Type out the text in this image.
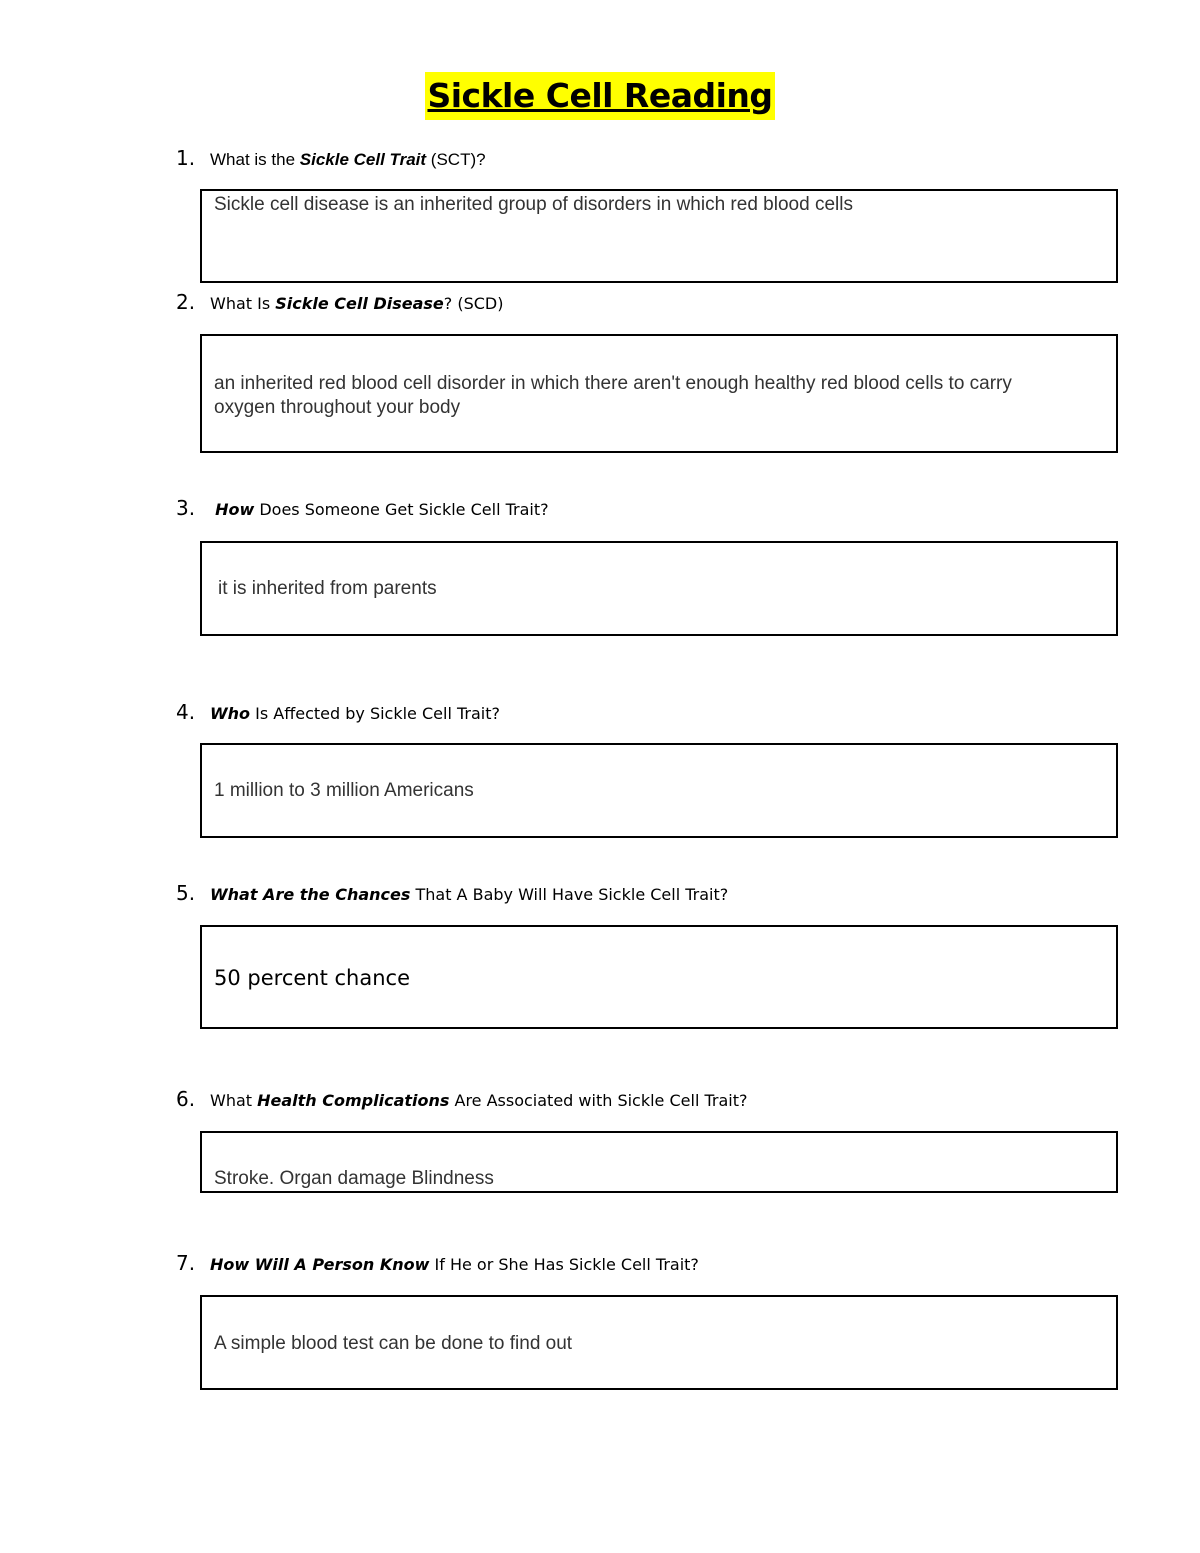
Sickle Cell Reading
1. What is the Sickle Cell Trait (SCT)?
Sickle cell disease is an inherited group of disorders in which red blood cells
2. What Is Sickle Cell Disease? (SCD)
an inherited red blood cell disorder in which there aren't enough healthy red blood cells to carry oxygen throughout your body
3. How Does Someone Get Sickle Cell Trait?
it is inherited from parents
4. Who Is Affected by Sickle Cell Trait?
1 million to 3 million Americans
5. What Are the Chances That A Baby Will Have Sickle Cell Trait?
50 percent chance
6. What Health Complications Are Associated with Sickle Cell Trait?
Stroke. Organ damage Blindness
7. How Will A Person Know If He or She Has Sickle Cell Trait?
A simple blood test can be done to find out
